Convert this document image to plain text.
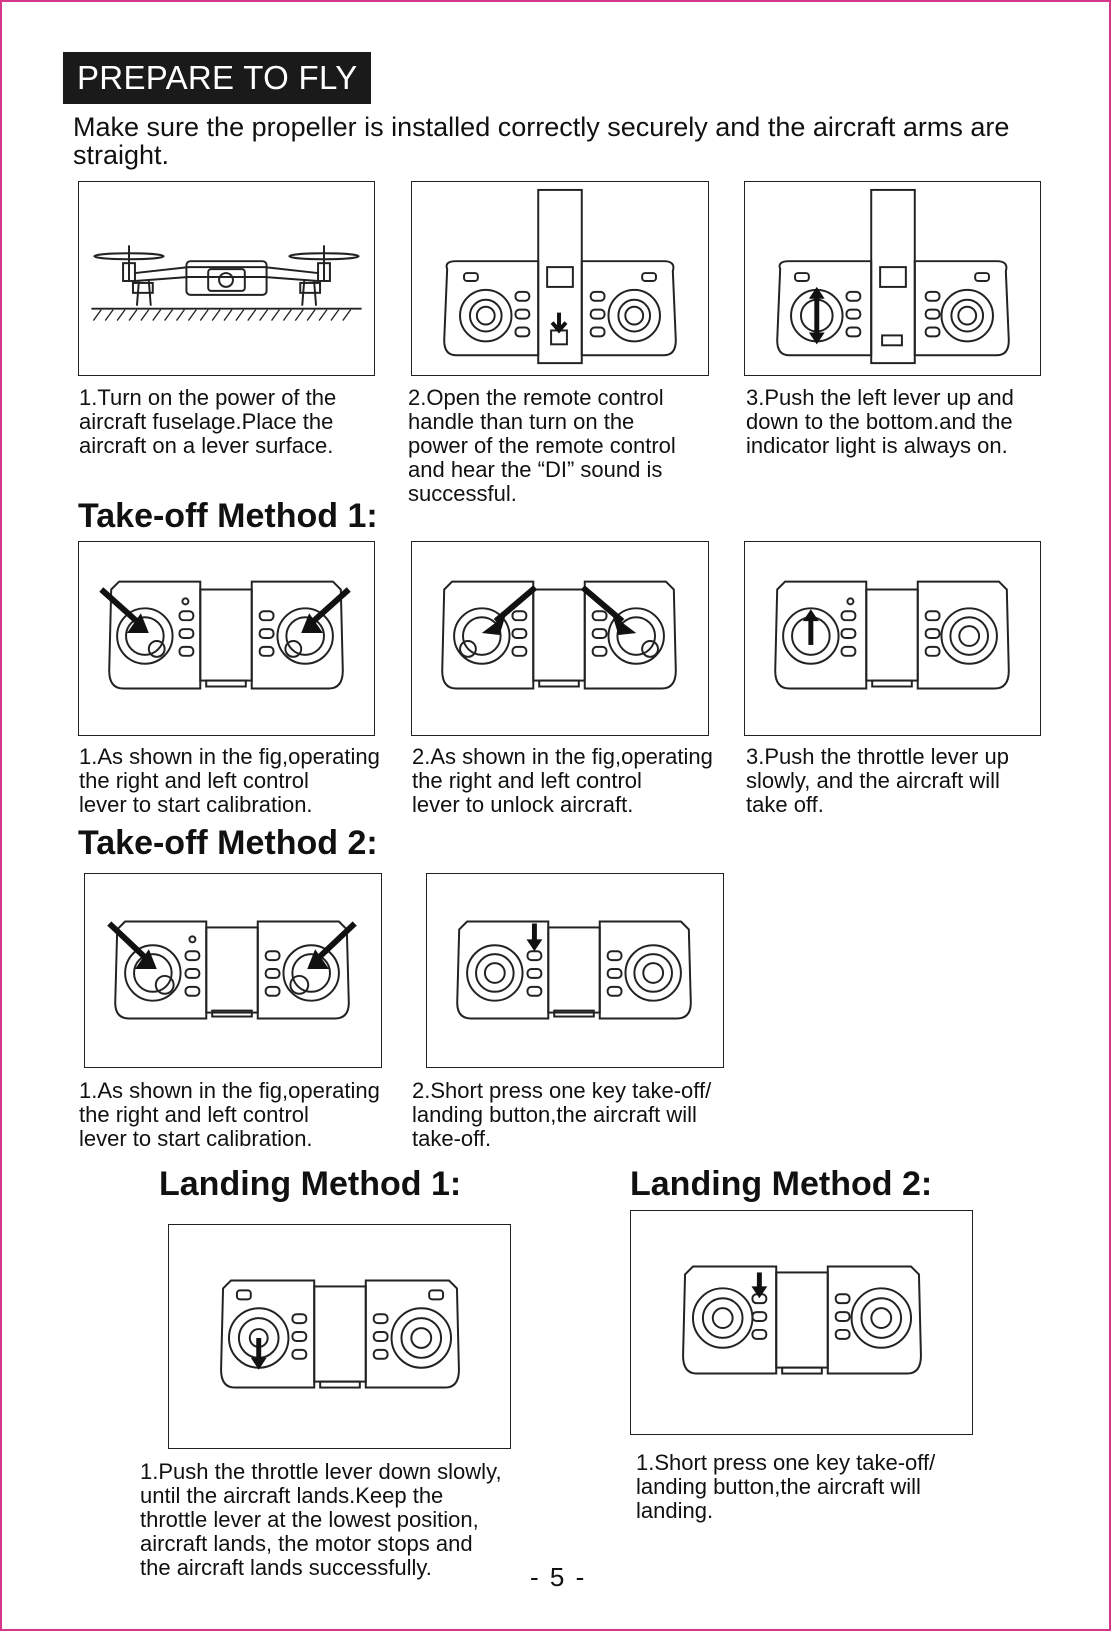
PREPARE TO FLY
Make sure the propeller is installed correctly securely and the aircraft arms are straight.
1.Turn on the power of the
aircraft fuselage.Place the
aircraft on a lever surface.
2.Open the remote control
handle than turn on the
power of the remote control
and hear the “DI” sound is
successful.
3.Push the left lever up and
down to the bottom.and the
indicator light is always on.
Take-off Method 1:
1.As shown in the fig,operating
the right and left control
lever to start calibration.
2.As shown in the fig,operating
the right and left control
lever to unlock aircraft.
3.Push the throttle lever up
slowly, and the aircraft will
take off.
Take-off Method 2:
1.As shown in the fig,operating
the right and left control
lever to start calibration.
2.Short press one key take-off/
landing button,the aircraft will
take-off.
Landing Method 1:	Landing Method 2:
1.Push the throttle lever down slowly,
until the aircraft lands.Keep the
throttle lever at the lowest position,
aircraft lands, the motor stops and
the aircraft lands successfully.
1.Short press one key take-off/
landing button,the aircraft will
landing.
- 5 -
